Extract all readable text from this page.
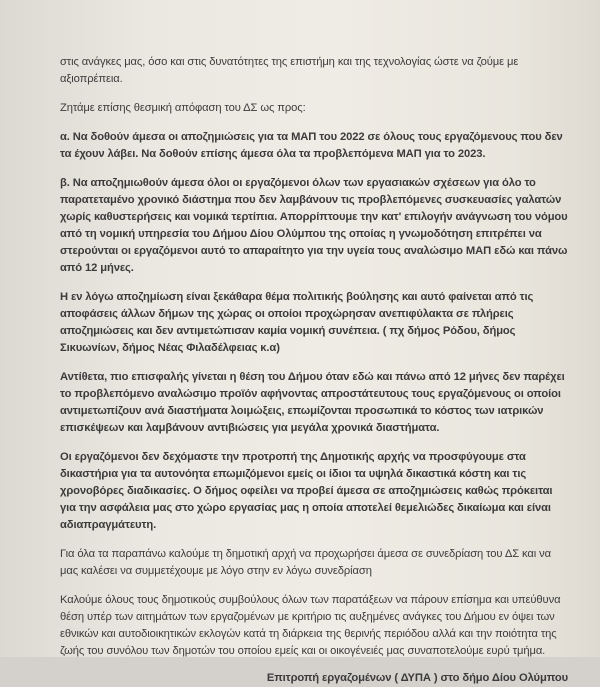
στις ανάγκες μας, όσο και στις δυνατότητες της επιστήμη και της τεχνολογίας ώστε να ζούμε με αξιοπρέπεια.

Ζητάμε επίσης θεσμική απόφαση του ΔΣ ως προς:

α. Να δοθούν άμεσα οι αποζημιώσεις για τα ΜΑΠ του 2022 σε όλους τους εργαζόμενους που δεν τα έχουν λάβει. Να δοθούν επίσης άμεσα όλα τα προβλεπόμενα ΜΑΠ για το 2023.

β. Να αποζημιωθούν άμεσα όλοι οι εργαζόμενοι όλων των εργασιακών σχέσεων για όλο το παρατεταμένο χρονικό διάστημα που δεν λαμβάνουν τις προβλεπόμενες συσκευασίες γαλατών χωρίς καθυστερήσεις και νομικά τερτίπια. Απορρίπτουμε την κατ' επιλογήν ανάγνωση του νόμου από τη νομική υπηρεσία του Δήμου Δίου Ολύμπου της οποίας η γνωμοδότηση επιτρέπει να στερούνται οι εργαζόμενοι αυτό το απαραίτητο για την υγεία τους αναλώσιμο ΜΑΠ εδώ και πάνω από 12 μήνες.

Η εν λόγω αποζημίωση είναι ξεκάθαρα θέμα πολιτικής βούλησης και αυτό φαίνεται από τις αποφάσεις άλλων δήμων της χώρας οι οποίοι προχώρησαν ανεπιφύλακτα σε πλήρεις αποζημιώσεις και δεν αντιμετώπισαν καμία νομική συνέπεια. ( πχ δήμος Ρόδου, δήμος Σικυωνίων, δήμος Νέας Φιλαδέλφειας κ.α)

Αντίθετα, πιο επισφαλής γίνεται η θέση του Δήμου όταν εδώ και πάνω από 12 μήνες δεν παρέχει το προβλεπόμενο αναλώσιμο προϊόν αφήνοντας απροστάτευτους τους εργαζόμενους οι οποίοι αντιμετωπίζουν ανά διαστήματα λοιμώξεις, επωμίζονται προσωπικά το κόστος των ιατρικών επισκέψεων και λαμβάνουν αντιβιώσεις για μεγάλα χρονικά διαστήματα.

Οι εργαζόμενοι δεν δεχόμαστε την προτροπή της Δημοτικής αρχής να προσφύγουμε στα δικαστήρια για τα αυτονόητα επωμιζόμενοι εμείς οι ίδιοι τα υψηλά δικαστικά κόστη και τις χρονοβόρες διαδικασίες. Ο δήμος οφείλει να προβεί άμεσα σε αποζημιώσεις καθώς πρόκειται για την ασφάλεια μας στο χώρο εργασίας μας η οποία αποτελεί θεμελιώδες δικαίωμα και είναι αδιαπραγμάτευτη.

Για όλα τα παραπάνω καλούμε τη δημοτική αρχή να προχωρήσει άμεσα σε συνεδρίαση του ΔΣ και να μας καλέσει να συμμετέχουμε με λόγο στην εν λόγω συνεδρίαση

Καλούμε όλους τους δημοτικούς συμβούλους όλων των παρατάξεων να πάρουν επίσημα και υπεύθυνα θέση υπέρ των αιτημάτων των εργαζομένων με κριτήριο τις αυξημένες ανάγκες του Δήμου εν όψει των εθνικών και αυτοδιοικητικών εκλογών κατά τη διάρκεια της θερινής περιόδου αλλά και την ποιότητα της ζωής του συνόλου των δημοτών του οποίου εμείς και οι οικογένειές μας συναποτελούμε ευρύ τμήμα.

Επιτροπή εργαζομένων ( ΔΥΠΑ ) στο δήμο Δίου Ολύμπου
